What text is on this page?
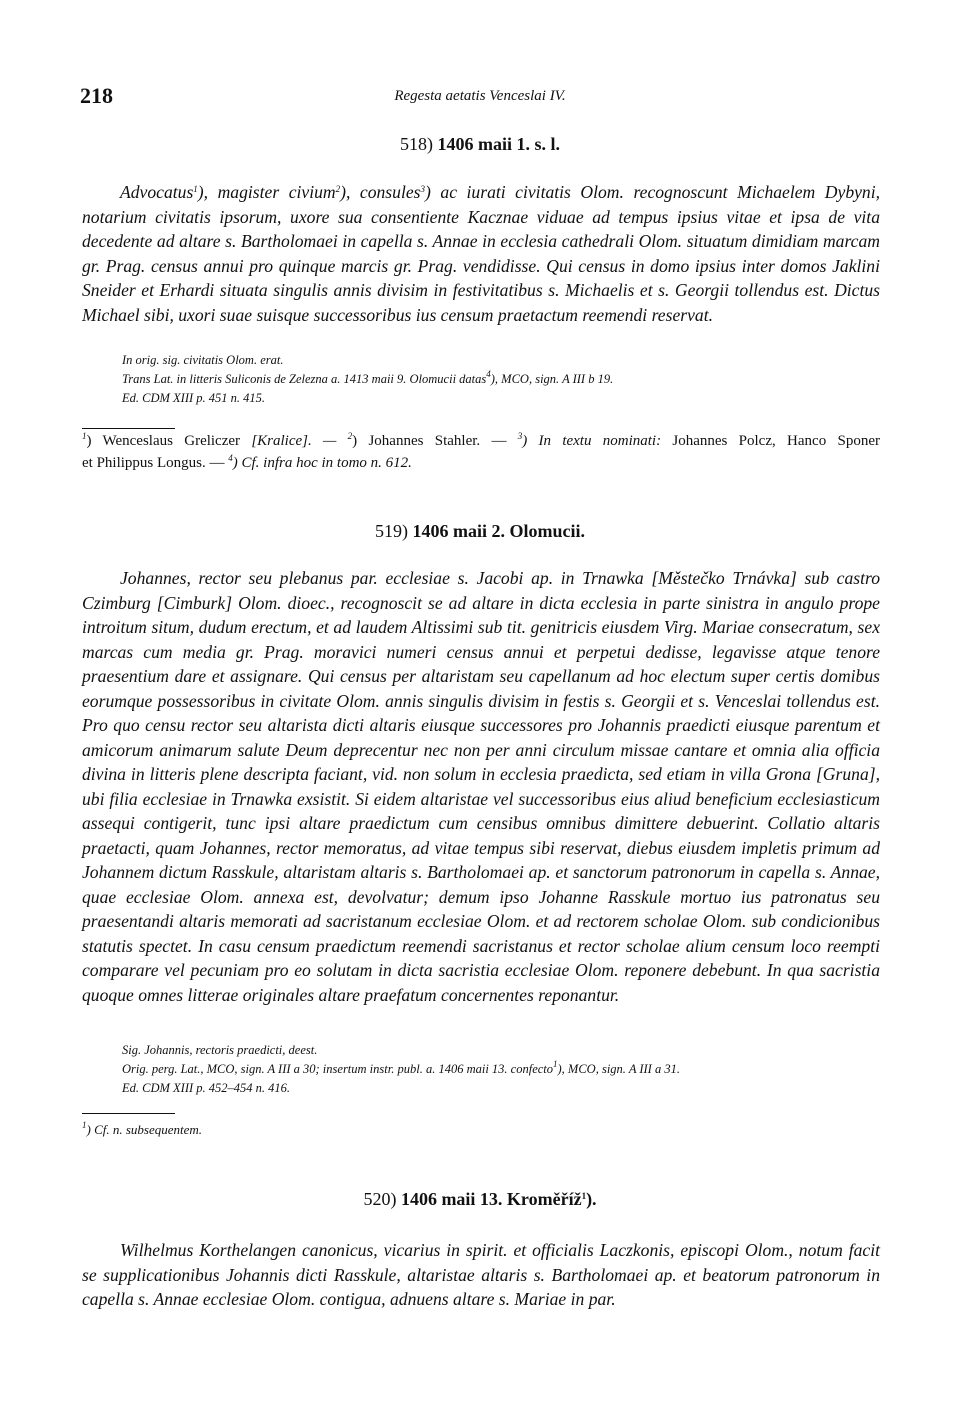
218	Regesta aetatis Venceslai IV.
518) 1406 maii 1. s. l.

Advocatus$^1$), magister civium$^2$), consules$^3$) ac iurati civitatis Olom. recognoscunt Michaelem Dybyni, notarium civitatis ipsorum, uxore sua consentiente Kacznae viduae ad tempus ipsius vitae et ipsa de vita decedente ad altare s. Bartholomaei in capella s. Annae in ecclesia cathedrali Olom. situatum dimidiam marcam gr. Prag. census annui pro quinque marcis gr. Prag. vendidisse. Qui census in domo ipsius inter domos Jaklini Sneider et Erhardi situata singulis annis divisim in festivitatibus s. Michaelis et s. Georgii tollendus est. Dictus Michael sibi, uxori suae suisque successoribus ius censum praetactum reemendi reservat.

In orig. sig. civitatis Olom. erat.
Trans Lat. in litteris Suliconis de Zelezna a. 1413 maii 9. Olomucii datas$^4$), MCO, sign. A III b 19.
Ed. CDM XIII p. 451 n. 415.
$^1$) Wenceslaus Greliczer [Kralice]. — $^2$) Johannes Stahler. — $^3$) In textu nominati: Johannes Polcz, Hanco Sponer
et Philippus Longus. — $^4$) Cf. infra hoc in tomo n. 612.
519) 1406 maii 2. Olomucii.

Johannes, rector seu plebanus par. ecclesiae s. Jacobi ap. in Trnawka [Městečko Trnávka] sub castro Czimburg [Cimburk] Olom. dioec., recognoscit se ad altare in dicta ecclesia in parte sinistra in angulo prope introitum situm, dudum erectum, et ad laudem Altissimi sub tit. genitricis eiusdem Virg. Mariae consecratum, sex marcas cum media gr. Prag. moravici numeri census annui et perpetui dedisse, legavisse atque tenore praesentium dare et assignare. Qui census per altaristam seu capellanum ad hoc electum super certis domibus eorumque possessoribus in civitate Olom. annis singulis divisim in festis s. Georgii et s. Venceslai tollendus est. Pro quo censu rector seu altarista dicti altaris eiusque successores pro Johannis praedicti eiusque parentum et amicorum animarum salute Deum deprecentur nec non per anni circulum missae cantare et omnia alia officia divina in litteris plene descripta faciant, vid. non solum in ecclesia praedicta, sed etiam in villa Grona [Gruna], ubi filia ecclesiae in Trnawka exsistit. Si eidem altaristae vel successoribus eius aliud beneficium ecclesiasticum assequi contigerit, tunc ipsi altare praedictum cum censibus omnibus dimittere debuerint. Collatio altaris praetacti, quam Johannes, rector memoratus, ad vitae tempus sibi reservat, diebus eiusdem impletis primum ad Johannem dictum Rasskule, altaristam altaris s. Bartholomaei ap. et sanctorum patronorum in capella s. Annae, quae ecclesiae Olom. annexa est, devolvatur; demum ipso Johanne Rasskule mortuo ius patronatus seu praesentandi altaris memorati ad sacristanum ecclesiae Olom. et ad rectorem scholae Olom. sub condicionibus statutis spectet. In casu censum praedictum reemendi sacristanus et rector scholae alium censum loco reempti comparare vel pecuniam pro eo solutam in dicta sacristia ecclesiae Olom. reponere debebunt. In qua sacristia quoque omnes litterae originales altare praefatum concernentes reponantur.

Sig. Johannis, rectoris praedicti, deest.
Orig. perg. Lat., MCO, sign. A III a 30; insertum instr. publ. a. 1406 maii 13. confecto$^1$), MCO, sign. A III a 31.
Ed. CDM XIII p. 452–454 n. 416.
$^1$) Cf. n. subsequentem.
520) 1406 maii 13. Kroměříž$^1$).

Wilhelmus Korthelangen canonicus, vicarius in spirit. et officialis Laczkonis, episcopi Olom., notum facit se supplicationibus Johannis dicti Rasskule, altaristae altaris s. Bartholomaei ap. et beatorum patronorum in capella s. Annae ecclesiae Olom. contigua, adnuens altare s. Mariae in par.
